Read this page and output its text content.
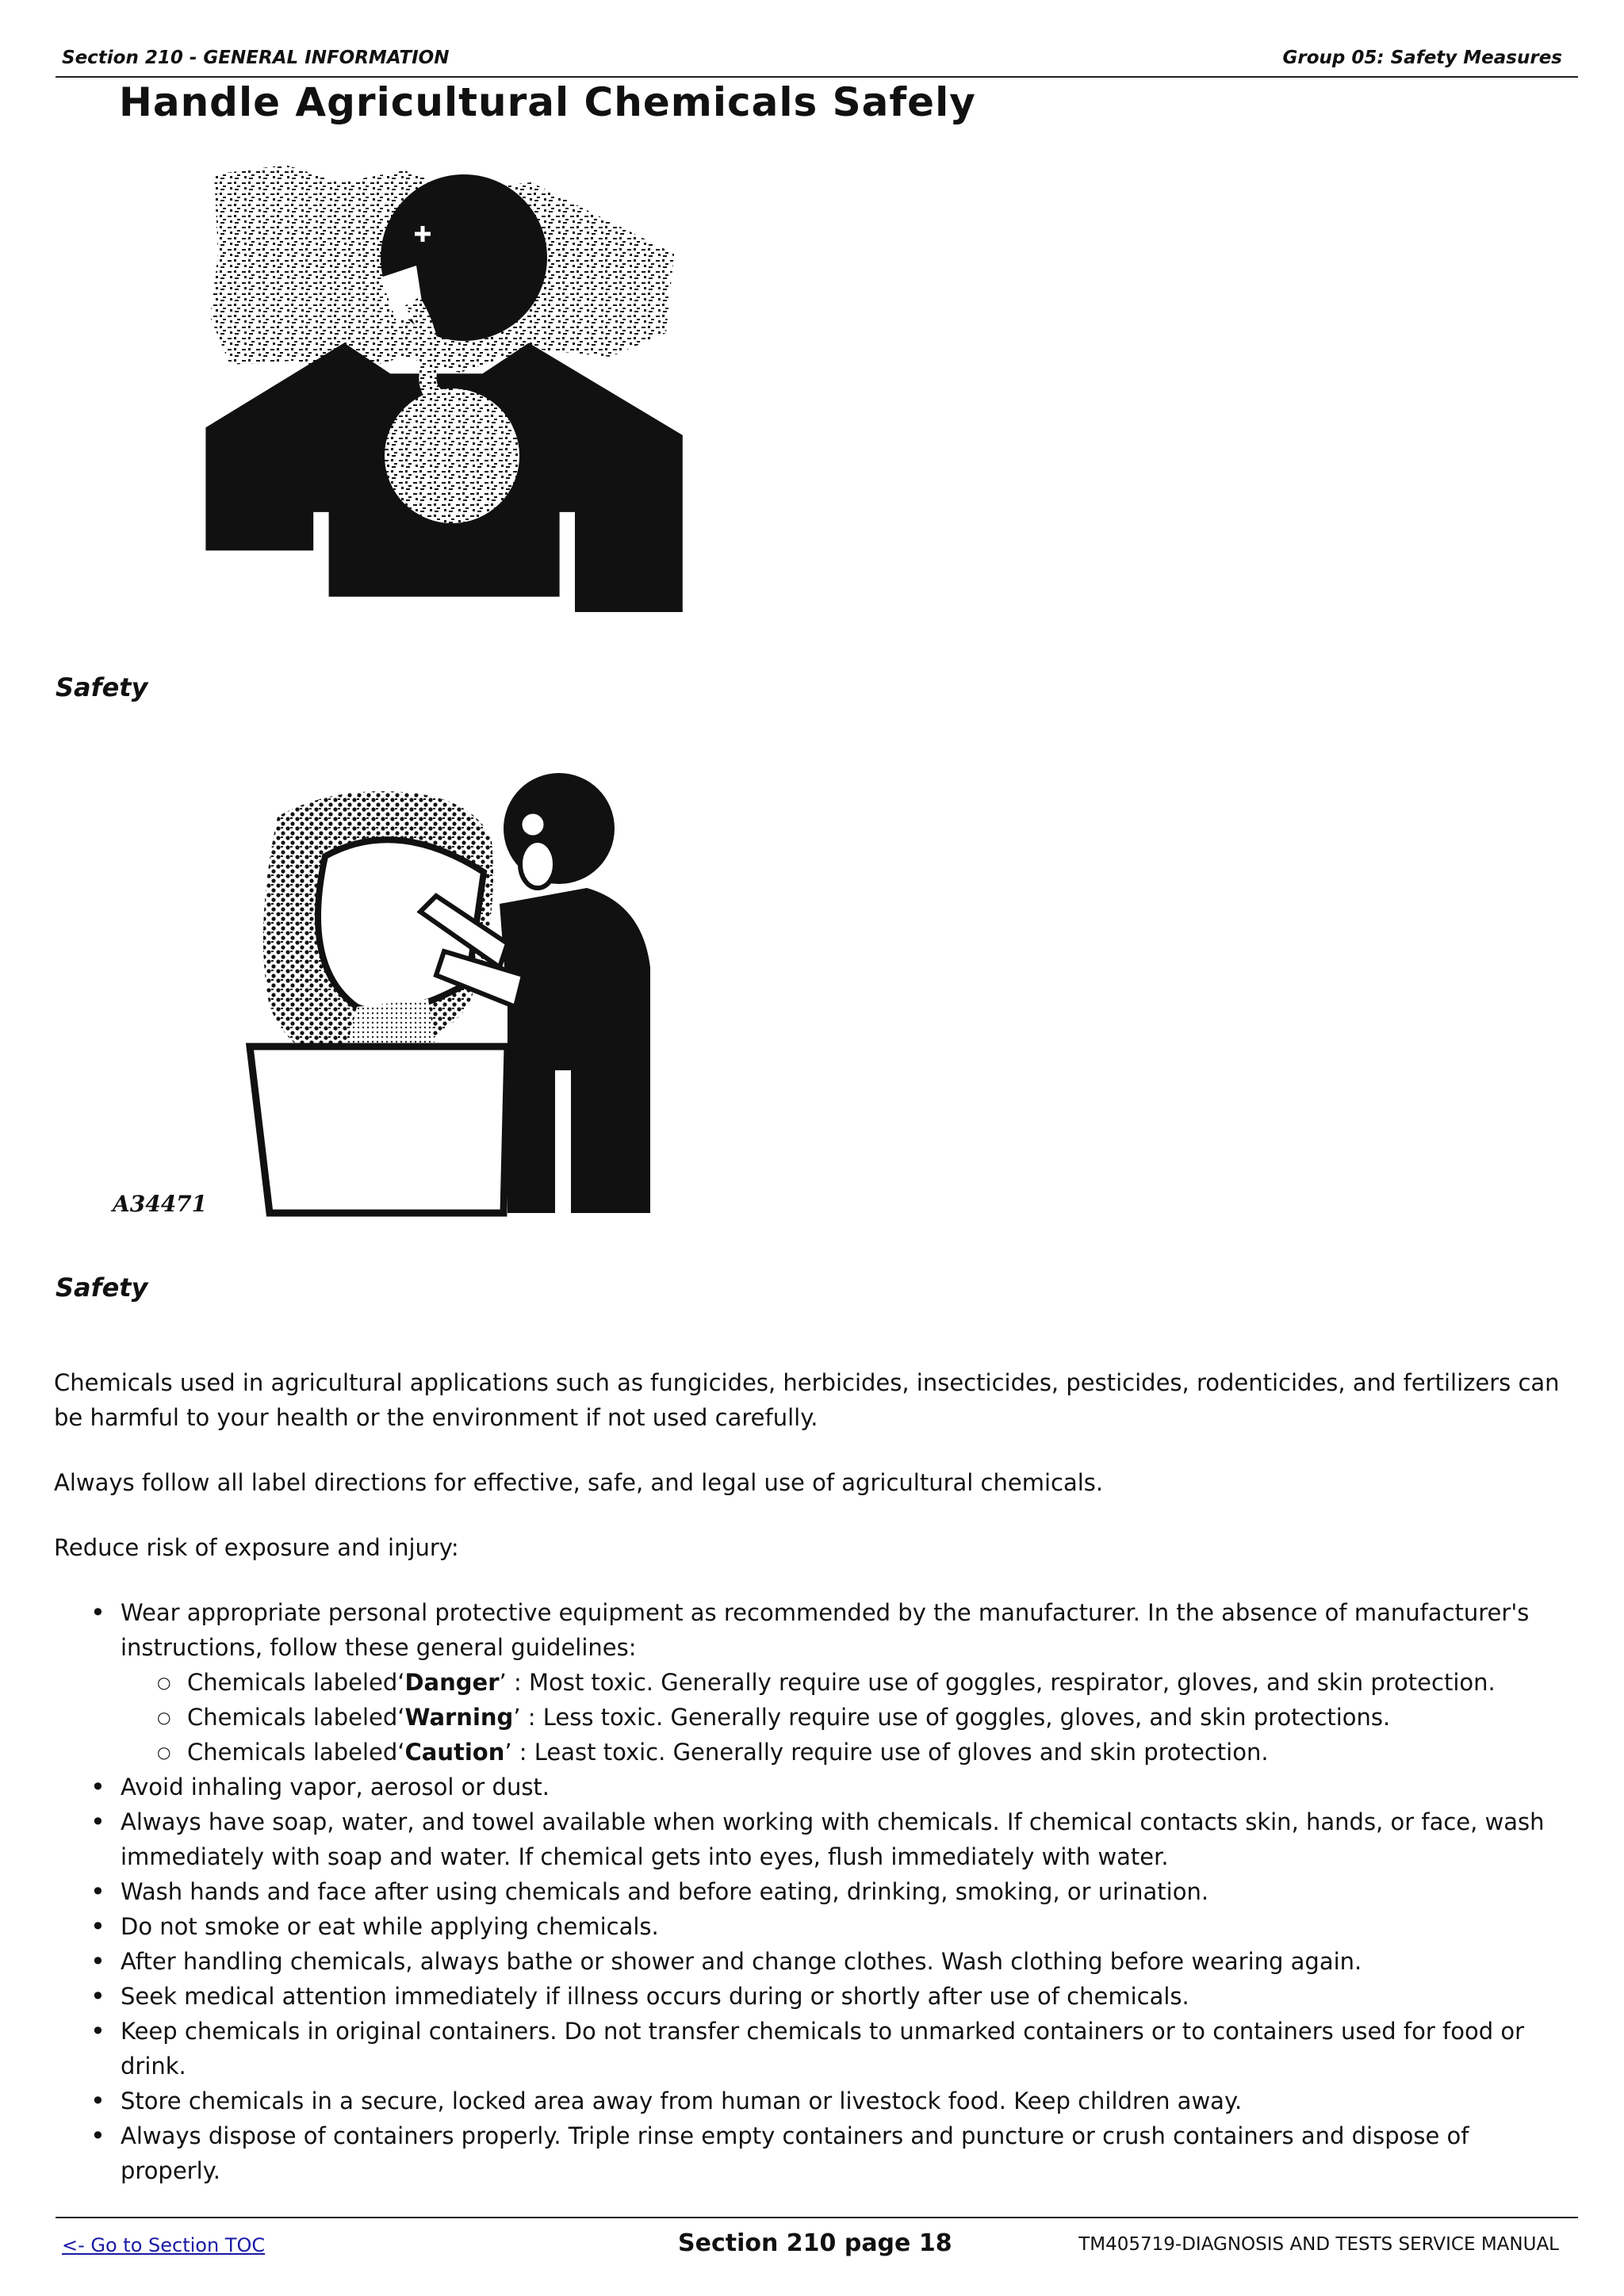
Section 210 - GENERAL INFORMATION	Group 05: Safety Measures
Handle Agricultural Chemicals Safely
Safety
A34471
Safety

Chemicals used in agricultural applications such as fungicides, herbicides, insecticides, pesticides, rodenticides, and fertilizers can be harmful to your health or the environment if not used carefully.

Always follow all label directions for effective, safe, and legal use of agricultural chemicals.

Reduce risk of exposure and injury:

• Wear appropriate personal protective equipment as recommended by the manufacturer. In the absence of manufacturer's instructions, follow these general guidelines:
○ Chemicals labeled‘Danger’ : Most toxic. Generally require use of goggles, respirator, gloves, and skin protection.
○ Chemicals labeled‘Warning’ : Less toxic. Generally require use of goggles, gloves, and skin protections.
○ Chemicals labeled‘Caution’ : Least toxic. Generally require use of gloves and skin protection.
• Avoid inhaling vapor, aerosol or dust.
• Always have soap, water, and towel available when working with chemicals. If chemical contacts skin, hands, or face, wash immediately with soap and water. If chemical gets into eyes, flush immediately with water.
• Wash hands and face after using chemicals and before eating, drinking, smoking, or urination.
• Do not smoke or eat while applying chemicals.
• After handling chemicals, always bathe or shower and change clothes. Wash clothing before wearing again.
• Seek medical attention immediately if illness occurs during or shortly after use of chemicals.
• Keep chemicals in original containers. Do not transfer chemicals to unmarked containers or to containers used for food or drink.
• Store chemicals in a secure, locked area away from human or livestock food. Keep children away.
• Always dispose of containers properly. Triple rinse empty containers and puncture or crush containers and dispose of properly.
<- Go to Section TOC	Section 210 page 18	TM405719-DIAGNOSIS AND TESTS SERVICE MANUAL
